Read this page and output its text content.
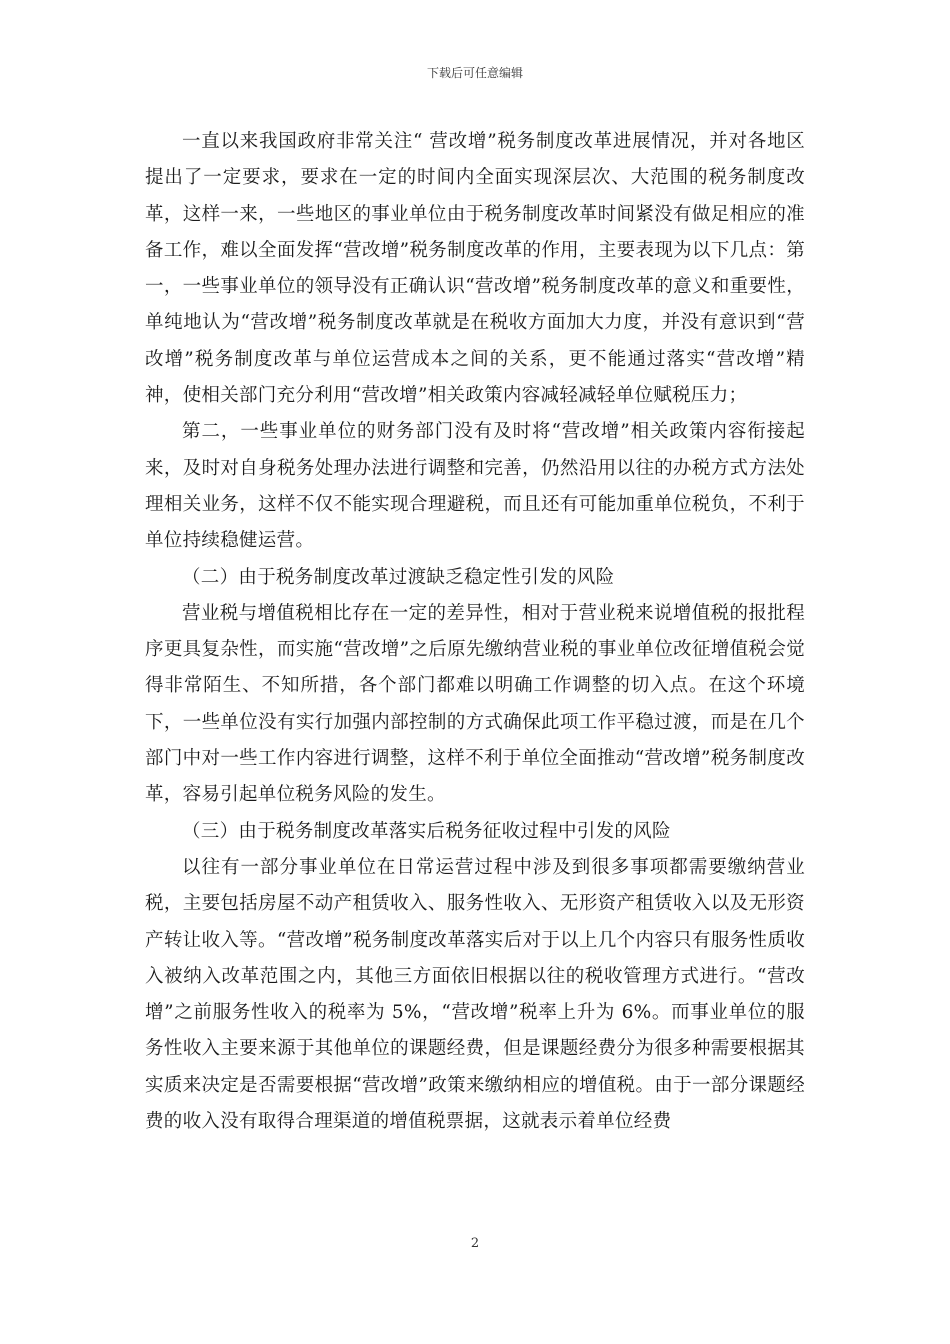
下载后可任意编辑

一直以来我国政府非常关注“ 营改增”税务制度改革进展情况，并对各地区提出了一定要求，要求在一定的时间内全面实现深层次、大范围的税务制度改革，这样一来，一些地区的事业单位由于税务制度改革时间紧没有做足相应的准备工作，难以全面发挥“营改增”税务制度改革的作用，主要表现为以下几点：第一，一些事业单位的领导没有正确认识“营改增”税务制度改革的意义和重要性，单纯地认为“营改增”税务制度改革就是在税收方面加大力度，并没有意识到“营改增”税务制度改革与单位运营成本之间的关系，更不能通过落实“营改增”精神，使相关部门充分利用“营改增”相关政策内容减轻减轻单位赋税压力；

第二，一些事业单位的财务部门没有及时将“营改增”相关政策内容衔接起来，及时对自身税务处理办法进行调整和完善，仍然沿用以往的办税方式方法处理相关业务，这样不仅不能实现合理避税，而且还有可能加重单位税负，不利于单位持续稳健运营。

（二）由于税务制度改革过渡缺乏稳定性引发的风险

营业税与增值税相比存在一定的差异性，相对于营业税来说增值税的报批程序更具复杂性，而实施“营改增”之后原先缴纳营业税的事业单位改征增值税会觉得非常陌生、不知所措，各个部门都难以明确工作调整的切入点。在这个环境下，一些单位没有实行加强内部控制的方式确保此项工作平稳过渡，而是在几个部门中对一些工作内容进行调整，这样不利于单位全面推动“营改增”税务制度改革，容易引起单位税务风险的发生。

（三）由于税务制度改革落实后税务征收过程中引发的风险

以往有一部分事业单位在日常运营过程中涉及到很多事项都需要缴纳营业税，主要包括房屋不动产租赁收入、服务性收入、无形资产租赁收入以及无形资产转让收入等。“营改增”税务制度改革落实后对于以上几个内容只有服务性质收入被纳入改革范围之内，其他三方面依旧根据以往的税收管理方式进行。“营改增”之前服务性收入的税率为 5%，“营改增”税率上升为 6%。而事业单位的服务性收入主要来源于其他单位的课题经费，但是课题经费分为很多种需要根据其实质来决定是否需要根据“营改增”政策来缴纳相应的增值税。由于一部分课题经费的收入没有取得合理渠道的增值税票据，这就表示着单位经费

2
